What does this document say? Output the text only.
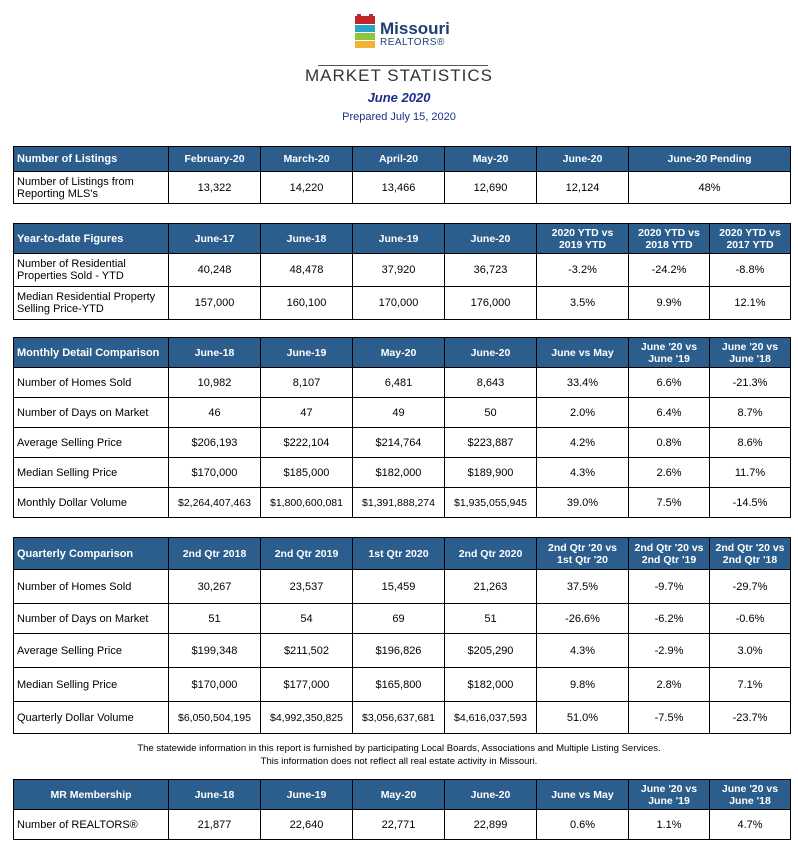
Missouri
REALTORS®
MARKET STATISTICS
June 2020
Prepared July 15, 2020
Number of Listings	February-20	March-20	April-20	May-20	June-20	June-20 Pending
Number of Listings from Reporting MLS's	13,322	14,220	13,466	12,690	12,124	48%
Year-to-date Figures	June-17	June-18	June-19	June-20	2020 YTD vs 2019 YTD	2020 YTD vs 2018 YTD	2020 YTD vs 2017 YTD
Number of Residential Properties Sold - YTD	40,248	48,478	37,920	36,723	-3.2%	-24.2%	-8.8%
Median Residential Property Selling Price-YTD	157,000	160,100	170,000	176,000	3.5%	9.9%	12.1%
Monthly Detail Comparison	June-18	June-19	May-20	June-20	June vs May	June '20 vs June '19	June '20 vs June '18
Number of Homes Sold	10,982	8,107	6,481	8,643	33.4%	6.6%	-21.3%
Number of Days on Market	46	47	49	50	2.0%	6.4%	8.7%
Average Selling Price	$206,193	$222,104	$214,764	$223,887	4.2%	0.8%	8.6%
Median Selling Price	$170,000	$185,000	$182,000	$189,900	4.3%	2.6%	11.7%
Monthly Dollar Volume	$2,264,407,463	$1,800,600,081	$1,391,888,274	$1,935,055,945	39.0%	7.5%	-14.5%
Quarterly Comparison	2nd Qtr 2018	2nd Qtr 2019	1st Qtr 2020	2nd Qtr 2020	2nd Qtr '20 vs 1st Qtr '20	2nd Qtr '20 vs 2nd Qtr '19	2nd Qtr '20 vs 2nd Qtr '18
Number of Homes Sold	30,267	23,537	15,459	21,263	37.5%	-9.7%	-29.7%
Number of Days on Market	51	54	69	51	-26.6%	-6.2%	-0.6%
Average Selling Price	$199,348	$211,502	$196,826	$205,290	4.3%	-2.9%	3.0%
Median Selling Price	$170,000	$177,000	$165,800	$182,000	9.8%	2.8%	7.1%
Quarterly Dollar Volume	$6,050,504,195	$4,992,350,825	$3,056,637,681	$4,616,037,593	51.0%	-7.5%	-23.7%
The statewide information in this report is furnished by participating Local Boards, Associations and Multiple Listing Services.
This information does not reflect all real estate activity in Missouri.
MR Membership	June-18	June-19	May-20	June-20	June vs May	June '20 vs June '19	June '20 vs June '18
Number of REALTORS®	21,877	22,640	22,771	22,899	0.6%	1.1%	4.7%
